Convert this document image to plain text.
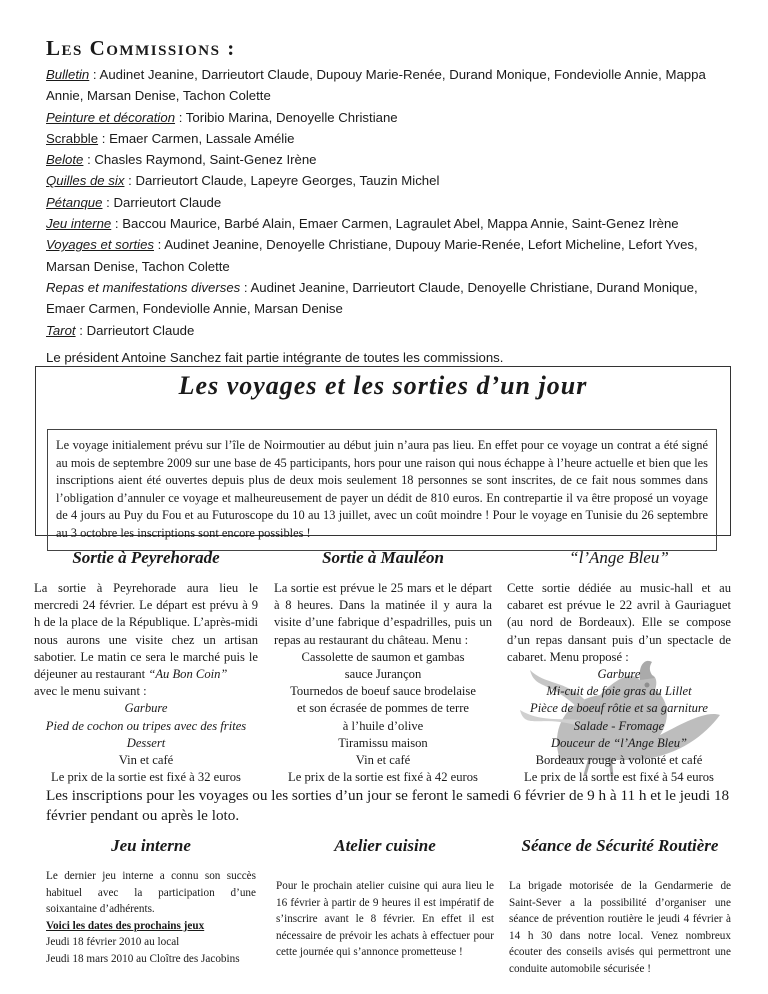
Les Commissions :

Bulletin : Audinet Jeanine, Darrieutort Claude, Dupouy Marie-Renée, Durand Monique, Fondeviolle Annie, Mappa

Annie, Marsan Denise, Tachon Colette

Peinture et décoration : Toribio Marina, Denoyelle Christiane

Scrabble : Emaer Carmen, Lassale Amélie

Belote : Chasles Raymond, Saint-Genez Irène

Quilles de six : Darrieutort Claude, Lapeyre Georges, Tauzin Michel

Pétanque : Darrieutort Claude

Jeu interne : Baccou Maurice, Barbé Alain, Emaer Carmen, Lagraulet Abel, Mappa Annie, Saint-Genez Irène

Voyages et sorties : Audinet Jeanine, Denoyelle Christiane, Dupouy Marie-Renée, Lefort Micheline, Lefort Yves,

Marsan Denise, Tachon Colette

Repas et manifestations diverses : Audinet Jeanine, Darrieutort Claude, Denoyelle Christiane, Durand Monique,

Emaer Carmen, Fondeviolle Annie, Marsan Denise

Tarot : Darrieutort Claude

Le président Antoine Sanchez fait partie intégrante de toutes les commissions.
Les voyages et les sorties d’un jour
Le voyage initialement prévu sur l’île de Noirmoutier au début juin n’aura pas lieu. En effet pour ce voyage un contrat a été signé au mois de septembre 2009 sur une base de 45 participants, hors pour une raison qui nous échappe à l’heure actuelle et bien que les inscriptions aient été ouvertes depuis plus de deux mois seulement 18 personnes se sont inscrites, de ce fait nous sommes dans l’obligation d’annuler ce voyage et malheureusement de payer un dédit de 810 euros. En contrepartie il va être proposé un voyage de 4 jours au Puy du Fou et au Futuroscope du 10 au 13 juillet, avec un coût moindre ! Pour le voyage en Tunisie du 26 septembre au 3 octobre les inscriptions sont encore possibles !
Sortie à Peyrehorade
La sortie à Peyrehorade aura lieu le mercredi 24 février. Le départ est prévu à 9 h de la place de la République. L’après-midi nous aurons une visite chez un artisan sabotier. Le matin ce sera le marché puis le déjeuner au restaurant “Au Bon Coin”
avec le menu suivant :
Garbure
Pied de cochon ou tripes avec des frites
Dessert
Vin et café
Le prix de la sortie est fixé à 32 euros
Sortie à Mauléon
La sortie est prévue le 25 mars et le départ à 8 heures. Dans la matinée il y aura la visite d’une fabrique d’espadrilles, puis un repas au restaurant du château. Menu :
Cassolette de saumon et gambas
sauce Jurançon
Tournedos de boeuf sauce brodelaise
et son écrasée de pommes de terre
à l’huile d’olive
Tiramissu maison
Vin et café
Le prix de la sortie est fixé à 42 euros
“l’Ange Bleu”
Cette sortie dédiée au music-hall et au cabaret est prévue le 22 avril à Gauriaguet (au nord de Bordeaux). Elle se compose d’un repas dansant puis d’un spectacle de cabaret. Menu proposé :
Garbure
Mi-cuit de foie gras au Lillet
Pièce de boeuf rôtie et sa garniture
Salade - Fromage
Douceur de “l’Ange Bleu”
Bordeaux rouge à volonté et café
Le prix de la sortie est fixé à 54 euros
Les inscriptions pour les voyages ou les sorties d’un jour se feront le samedi 6 février de 9 h à 11 h et le jeudi 18 février pendant ou après le loto.
Jeu interne
Le dernier jeu interne a connu son succès habituel avec la participation d’une soixantaine d’adhérents.
Voici les dates des prochains jeux
Jeudi 18 février 2010 au local
Jeudi 18 mars 2010 au Cloître des Jacobins
Atelier cuisine
Pour le prochain atelier cuisine qui aura lieu le 16 février à partir de 9 heures il est impératif de s’inscrire avant le 8 février. En effet il est nécessaire de prévoir les achats à effectuer pour cette journée qui s’annonce prometteuse !
Séance de Sécurité Routière
La brigade motorisée de la Gendarmerie de Saint-Sever a la possibilité d’organiser une séance de prévention routière le jeudi 4 février à 14 h 30 dans notre local. Venez nombreux écouter des conseils avisés qui permettront une conduite automobile sécurisée !
